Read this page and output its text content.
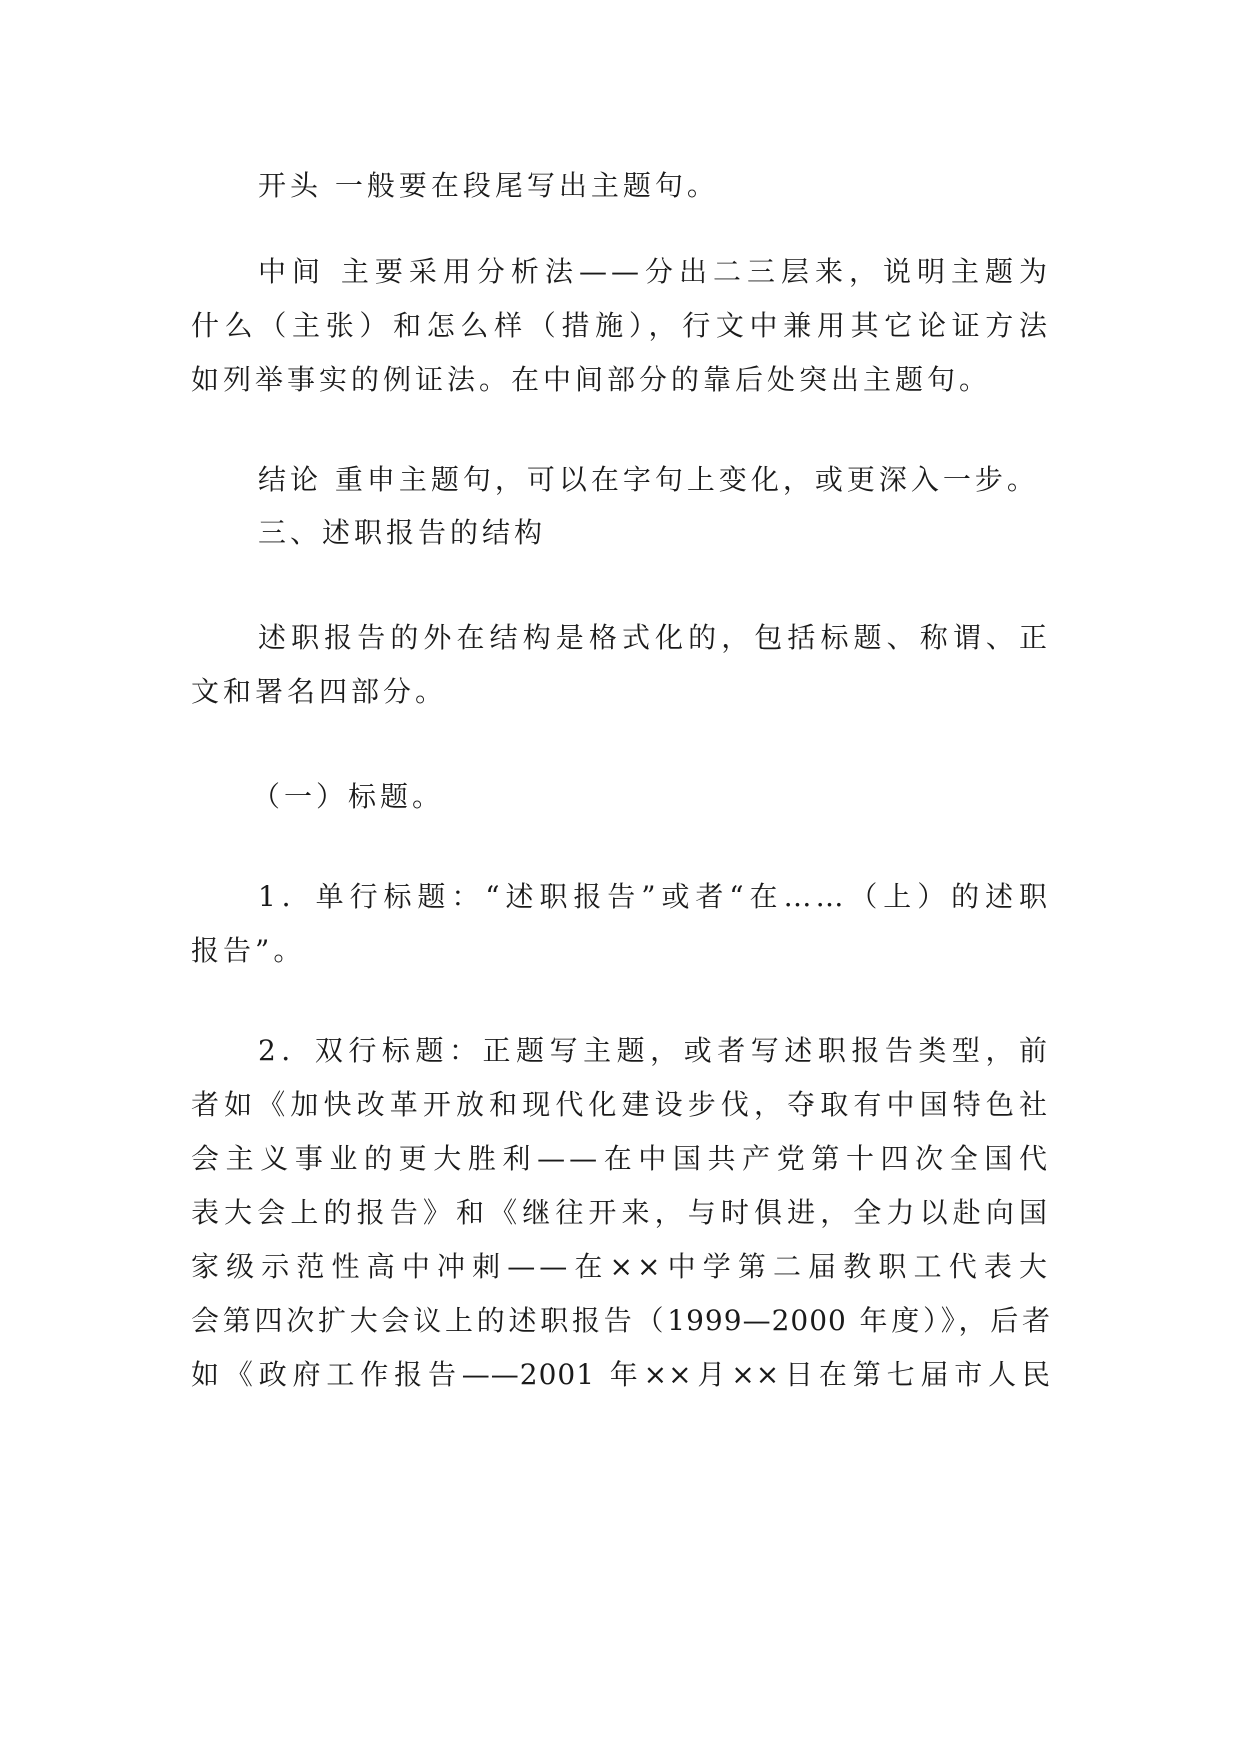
开头 一般要在段尾写出主题句。
中间 主要采用分析法——分出二三层来，说明主题为
什么（主张）和怎么样（措施），行文中兼用其它论证方法
如列举事实的例证法。在中间部分的靠后处突出主题句。
结论 重申主题句，可以在字句上变化，或更深入一步。
三、述职报告的结构
述职报告的外在结构是格式化的，包括标题、称谓、正
文和署名四部分。
（一）标题。
1．单行标题：“述职报告”或者“在……（上）的述职
报告”。
2．双行标题：正题写主题，或者写述职报告类型，前
者如《加快改革开放和现代化建设步伐，夺取有中国特色社
会主义事业的更大胜利——在中国共产党第十四次全国代
表大会上的报告》和《继往开来，与时俱进，全力以赴向国
家级示范性高中冲刺——在××中学第二届教职工代表大
会第四次扩大会议上的述职报告（1999—2000 年度）》，后者
如《政府工作报告——2001 年××月××日在第七届市人民
